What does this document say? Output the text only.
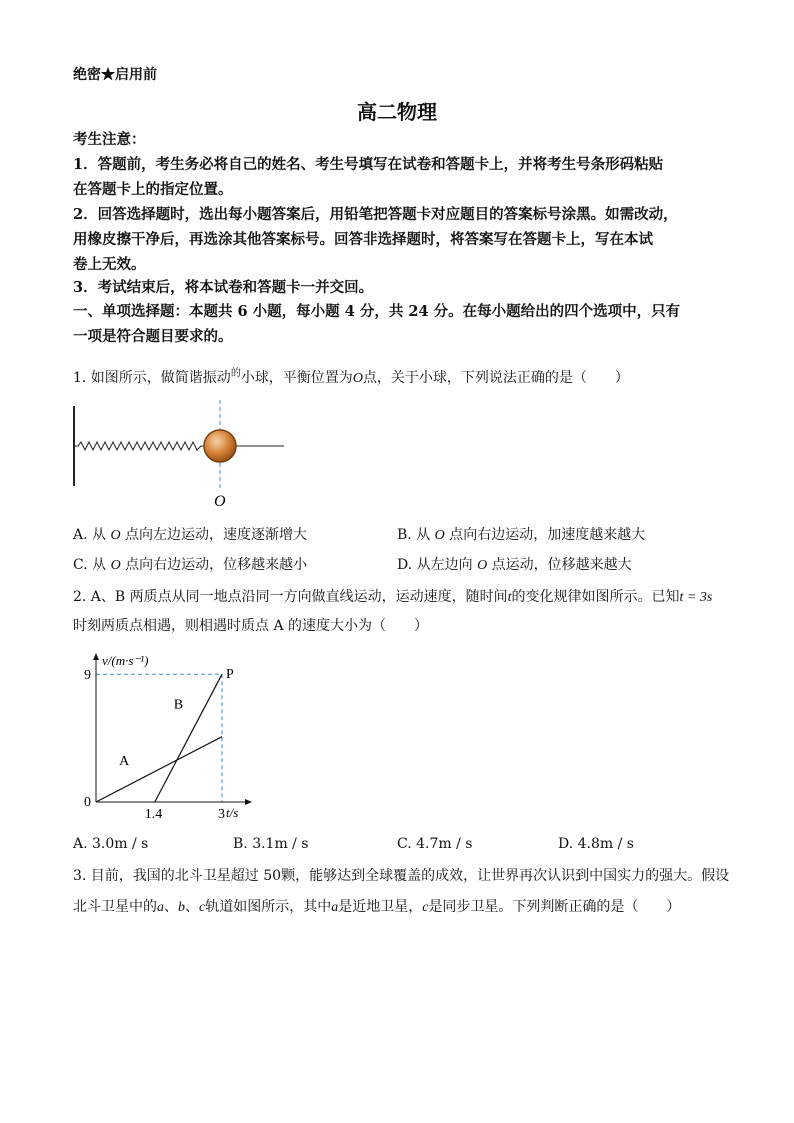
绝密★启用前
高二物理
考生注意：
1．答题前，考生务必将自己的姓名、考生号填写在试卷和答题卡上，并将考生号条形码粘贴
在答题卡上的指定位置。
2．回答选择题时，选出每小题答案后，用铅笔把答题卡对应题目的答案标号涂黑。如需改动，
用橡皮擦干净后，再选涂其他答案标号。回答非选择题时，将答案写在答题卡上，写在本试
卷上无效。
3．考试结束后，将本试卷和答题卡一并交回。
一、单项选择题：本题共 6 小题，每小题 4 分，共 24 分。在每小题给出的四个选项中，只有
一项是符合题目要求的。
1. 如图所示，做简谐振动$^的$小球，平衡位置为O点，关于小球，下列说法正确的是（　　）
O
A. 从 O 点向左边运动，速度逐渐增大	B. 从 O 点向右边运动，加速度越来越大
C. 从 O 点向右边运动，位移越来越小	D. 从左边向 O 点运动，位移越来越大
2. A、B 两质点从同一地点沿同一方向做直线运动，运动速度，随时间t的变化规律如图所示。已知t = 3s
时刻两质点相遇，则相遇时质点 A 的速度大小为（　　）
A
B
P
0
1.4	3
9
v/(m·s⁻¹)
t/s
A. 3.0m / s	B. 3.1m / s	C. 4.7m / s	D. 4.8m / s
3. 目前，我国的北斗卫星超过 50颗，能够达到全球覆盖的成效，让世界再次认识到中国实力的强大。假设
北斗卫星中的a、b、c轨道如图所示，其中a是近地卫星，c是同步卫星。下列判断正确的是（　　）
